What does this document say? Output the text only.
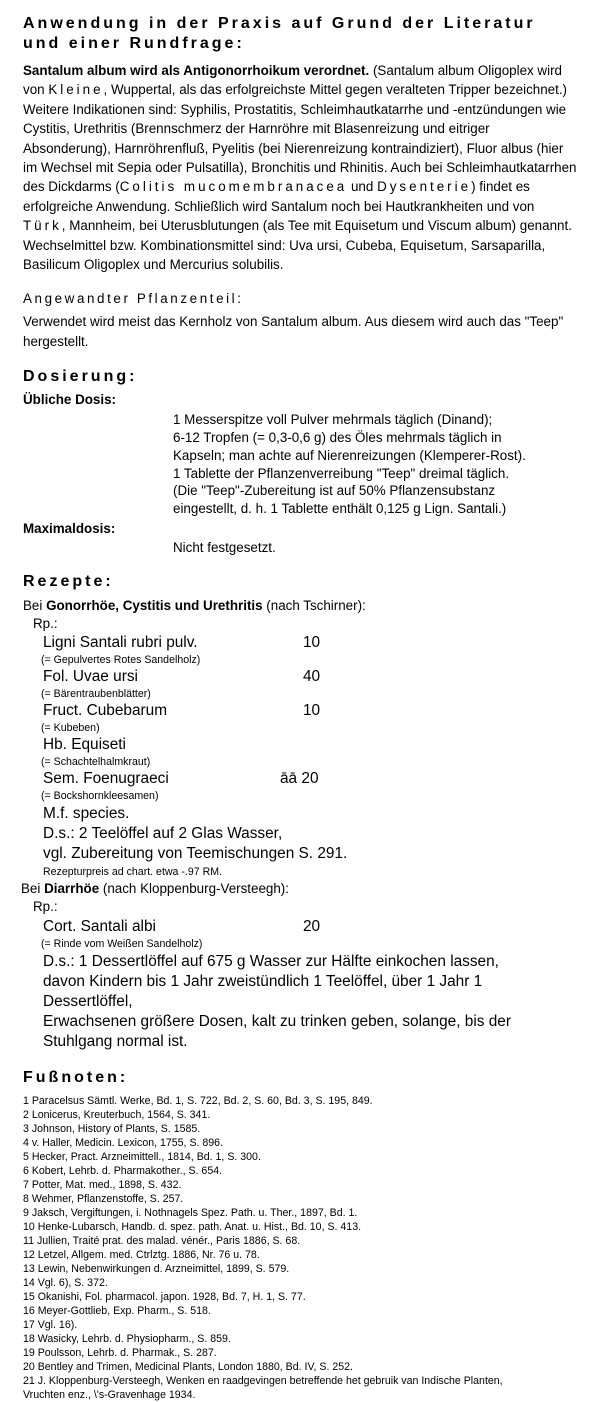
Anwendung in der Praxis auf Grund der Literatur und einer Rundfrage:

Santalum album wird als Antigonorrhoikum verordnet. (Santalum album Oligoplex wird von Kleine, Wuppertal, als das erfolgreichste Mittel gegen veralteten Tripper bezeichnet.) Weitere Indikationen sind: Syphilis, Prostatitis, Schleimhautkatarrhe und -entzündungen wie Cystitis, Urethritis (Brennschmerz der Harnröhre mit Blasenreizung und eitriger Absonderung), Harnröhrenfluß, Pyelitis (bei Nierenreizung kontraindiziert), Fluor albus (hier im Wechsel mit Sepia oder Pulsatilla), Bronchitis und Rhinitis. Auch bei Schleimhautkatarrhen des Dickdarms (Colitis mucomembranacea und Dysenterie) findet es erfolgreiche Anwendung. Schließlich wird Santalum noch bei Hautkrankheiten und von Türk, Mannheim, bei Uterusblutungen (als Tee mit Equisetum und Viscum album) genannt. Wechselmittel bzw. Kombinationsmittel sind: Uva ursi, Cubeba, Equisetum, Sarsaparilla, Basilicum Oligoplex und Mercurius solubilis.

Angewandter Pflanzenteil:

Verwendet wird meist das Kernholz von Santalum album. Aus diesem wird auch das "Teep" hergestellt.

Dosierung:
Übliche Dosis:
1 Messerspitze voll Pulver mehrmals täglich (Dinand);
6-12 Tropfen (= 0,3-0,6 g) des Öles mehrmals täglich in
Kapseln; man achte auf Nierenreizungen (Klemperer-Rost).
1 Tablette der Pflanzenverreibung "Teep" dreimal täglich.
(Die "Teep"-Zubereitung ist auf 50% Pflanzensubstanz
eingestellt, d. h. 1 Tablette enthält 0,125 g Lign. Santali.)
Maximaldosis:
Nicht festgesetzt.
Rezepte:
Bei Gonorrhöe, Cystitis und Urethritis (nach Tschirner):
Rp.:
Ligni Santali rubri pulv.	10
(= Gepulvertes Rotes Sandelholz)
Fol. Uvae ursi	40
(= Bärentraubenblätter)
Fruct. Cubebarum	10
(= Kubeben)
Hb. Equiseti
(= Schachtelhalmkraut)
Sem. Foenugraeci	āā 20
(= Bockshornkleesamen)
M.f. species.
D.s.: 2 Teelöffel auf 2 Glas Wasser,
vgl. Zubereitung von Teemischungen S. 291.
Rezepturpreis ad chart. etwa -.97 RM.
Bei Diarrhöe (nach Kloppenburg-Versteegh):
Rp.:
Cort. Santali albi	20
(= Rinde vom Weißen Sandelholz)
D.s.: 1 Dessertlöffel auf 675 g Wasser zur Hälfte einkochen lassen,
davon Kindern bis 1 Jahr zweistündlich 1 Teelöffel, über 1 Jahr 1
Dessertlöffel,
Erwachsenen größere Dosen, kalt zu trinken geben, solange, bis der
Stuhlgang normal ist.
Fußnoten:

1 Paracelsus Sämtl. Werke, Bd. 1, S. 722, Bd. 2, S. 60, Bd. 3, S. 195, 849.

2 Lonicerus, Kreuterbuch, 1564, S. 341.

3 Johnson, History of Plants, S. 1585.

4 v. Haller, Medicin. Lexicon, 1755, S. 896.

5 Hecker, Pract. Arzneimittell., 1814, Bd. 1, S. 300.

6 Kobert, Lehrb. d. Pharmakother., S. 654.

7 Potter, Mat. med., 1898, S. 432.

8 Wehmer, Pflanzenstoffe, S. 257.

9 Jaksch, Vergiftungen, i. Nothnagels Spez. Path. u. Ther., 1897, Bd. 1.

10 Henke-Lubarsch, Handb. d. spez. path. Anat. u. Hist., Bd. 10, S. 413.

11 Jullien, Traité prat. des malad. vénér., Paris 1886, S. 68.

12 Letzel, Allgem. med. Ctrlztg. 1886, Nr. 76 u. 78.

13 Lewin, Nebenwirkungen d. Arzneimittel, 1899, S. 579.

14 Vgl. 6), S. 372.

15 Okanishi, Fol. pharmacol. japon. 1928, Bd. 7, H. 1, S. 77.

16 Meyer-Gottlieb, Exp. Pharm., S. 518.

17 Vgl. 16).

18 Wasicky, Lehrb. d. Physiopharm., S. 859.

19 Poulsson, Lehrb. d. Pharmak., S. 287.

20 Bentley and Trimen, Medicinal Plants, London 1880, Bd. IV, S. 252.

21 J. Kloppenburg-Versteegh, Wenken en raadgevingen betreffende het gebruik van Indische Planten,

Vruchten enz., \'s-Gravenhage 1934.
